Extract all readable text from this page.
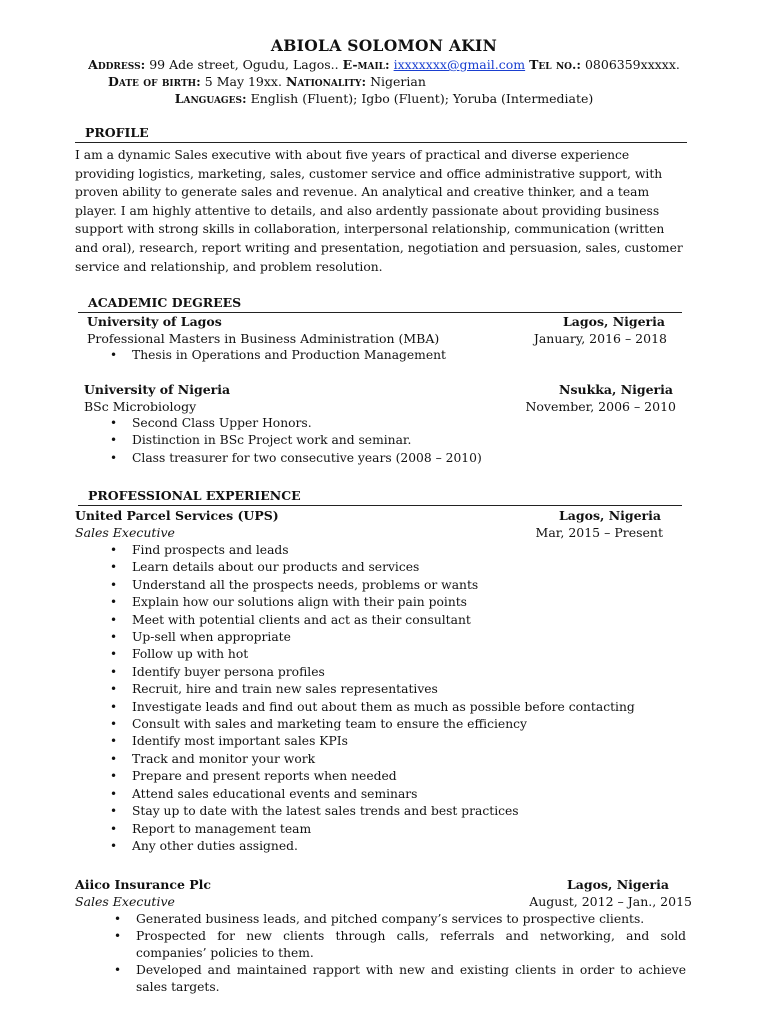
ABIOLA SOLOMON AKIN
Address: 99 Ade street, Ogudu, Lagos.. E-mail: ixxxxxxx@gmail.com Tel no.: 0806359xxxxx.
Date of birth: 5 May 19xx. Nationality: Nigerian
Languages: English (Fluent); Igbo (Fluent); Yoruba (Intermediate)
PROFILE
I am a dynamic Sales executive with about five years of practical and diverse experience providing logistics, marketing, sales, customer service and office administrative support, with proven ability to generate sales and revenue. An analytical and creative thinker, and a team player. I am highly attentive to details, and also ardently passionate about providing business support with strong skills in collaboration, interpersonal relationship, communication (written and oral), research, report writing and presentation, negotiation and persuasion, sales, customer service and relationship, and problem resolution.
ACADEMIC DEGREES
University of Lagos	Lagos, Nigeria
Professional Masters in Business Administration (MBA)	January, 2016 – 2018
• Thesis in Operations and Production Management
University of Nigeria	Nsukka, Nigeria
BSc Microbiology	November, 2006 – 2010
• Second Class Upper Honors.
• Distinction in BSc Project work and seminar.
• Class treasurer for two consecutive years (2008 – 2010)
PROFESSIONAL EXPERIENCE
United Parcel Services (UPS)	Lagos, Nigeria
Sales Executive	Mar, 2015 – Present
• Find prospects and leads
• Learn details about our products and services
• Understand all the prospects needs, problems or wants
• Explain how our solutions align with their pain points
• Meet with potential clients and act as their consultant
• Up-sell when appropriate
• Follow up with hot
• Identify buyer persona profiles
• Recruit, hire and train new sales representatives
• Investigate leads and find out about them as much as possible before contacting
• Consult with sales and marketing team to ensure the efficiency
• Identify most important sales KPIs
• Track and monitor your work
• Prepare and present reports when needed
• Attend sales educational events and seminars
• Stay up to date with the latest sales trends and best practices
• Report to management team
• Any other duties assigned.
Aiico Insurance Plc	Lagos, Nigeria
Sales Executive	August, 2012 – Jan., 2015
• Generated business leads, and pitched company’s services to prospective clients.
• Prospected for new clients through calls, referrals and networking, and sold companies’ policies to them.
• Developed and maintained rapport with new and existing clients in order to achieve sales targets.
